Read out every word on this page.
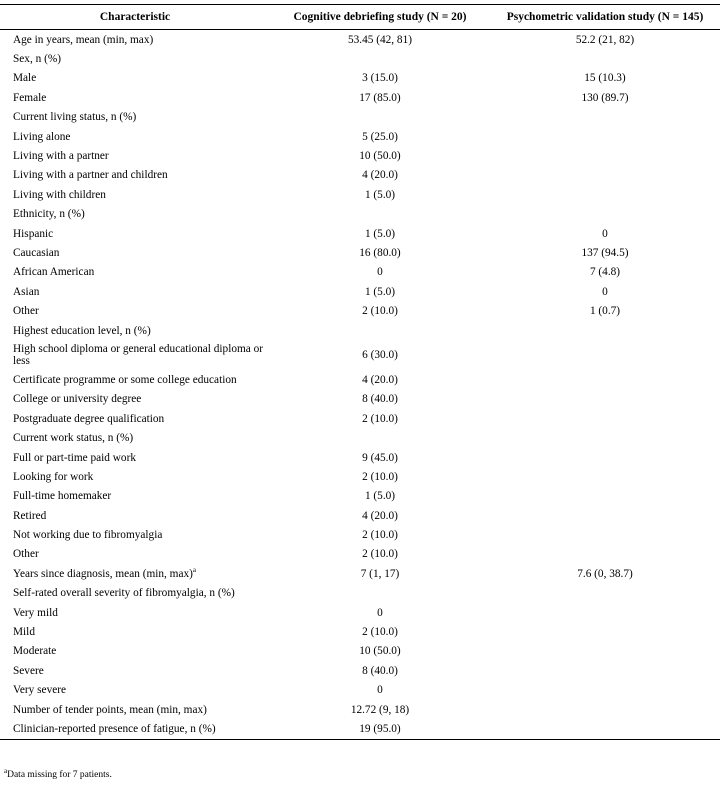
Characteristic	Cognitive debriefing study (N = 20)	Psychometric validation study (N = 145)
Age in years, mean (min, max)	53.45 (42, 81)	52.2 (21, 82)
Sex, n (%)		
Male	3 (15.0)	15 (10.3)
Female	17 (85.0)	130 (89.7)
Current living status, n (%)		
Living alone	5 (25.0)	
Living with a partner	10 (50.0)	
Living with a partner and children	4 (20.0)	
Living with children	1 (5.0)	
Ethnicity, n (%)		
Hispanic	1 (5.0)	0
Caucasian	16 (80.0)	137 (94.5)
African American	0	7 (4.8)
Asian	1 (5.0)	0
Other	2 (10.0)	1 (0.7)
Highest education level, n (%)		
High school diploma or general educational diploma or less	6 (30.0)	
Certificate programme or some college education	4 (20.0)	
College or university degree	8 (40.0)	
Postgraduate degree qualification	2 (10.0)	
Current work status, n (%)		
Full or part-time paid work	9 (45.0)	
Looking for work	2 (10.0)	
Full-time homemaker	1 (5.0)	
Retired	4 (20.0)	
Not working due to fibromyalgia	2 (10.0)	
Other	2 (10.0)	
Years since diagnosis, mean (min, max)$^a$	7 (1, 17)	7.6 (0, 38.7)
Self-rated overall severity of fibromyalgia, n (%)		
Very mild	0	
Mild	2 (10.0)	
Moderate	10 (50.0)	
Severe	8 (40.0)	
Very severe	0	
Number of tender points, mean (min, max)	12.72 (9, 18)	
Clinician-reported presence of fatigue, n (%)	19 (95.0)	
$^a$Data missing for 7 patients.
